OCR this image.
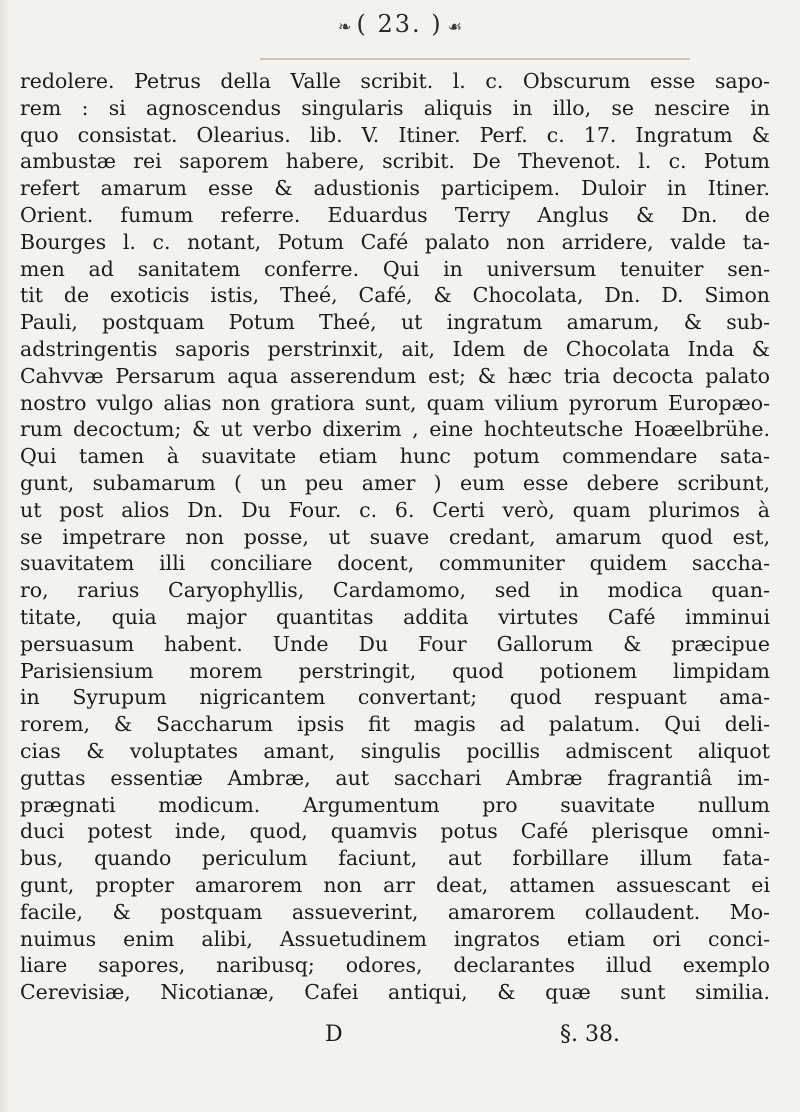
❧ ( 23. ) ☙
redolere. Petrus della Valle scribit. l. c. Obscurum esse sapo-
rem : si agnoscendus singularis aliquis in illo, se nescire in
quo consistat. Olearius. lib. V. Itiner. Perf. c. 17. Ingratum &
ambustæ rei saporem habere, scribit. De Thevenot. l. c. Potum
refert amarum esse & adustionis participem. Duloir in Itiner.
Orient. fumum referre. Eduardus Terry Anglus & Dn. de
Bourges l. c. notant, Potum Café palato non arridere, valde ta-
men ad sanitatem conferre. Qui in universum tenuiter sen-
tit de exoticis istis, Theé, Café, & Chocolata, Dn. D. Simon
Pauli, postquam Potum Theé, ut ingratum amarum, & sub-
adstringentis saporis perstrinxit, ait, Idem de Chocolata Inda &
Cahvvæ Persarum aqua asserendum est; & hæc tria decocta palato
nostro vulgo alias non gratiora sunt, quam vilium pyrorum Europæo-
rum decoctum; & ut verbo dixerim , eine hochteutsche Hoæelbrühe.
Qui tamen à suavitate etiam hunc potum commendare sata-
gunt, subamarum ( un peu amer ) eum esse debere scribunt,
ut post alios Dn. Du Four. c. 6. Certi verò, quam plurimos à
se impetrare non posse, ut suave credant, amarum quod est,
suavitatem illi conciliare docent, communiter quidem saccha-
ro, rarius Caryophyllis, Cardamomo, sed in modica quan-
titate, quia major quantitas addita virtutes Café imminui
persuasum habent. Unde Du Four Gallorum & præcipue
Parisiensium morem perstringit, quod potionem limpidam
in Syrupum nigricantem convertant; quod respuant ama-
rorem, & Saccharum ipsis fit magis ad palatum. Qui deli-
cias & voluptates amant, singulis pocillis admiscent aliquot
guttas essentiæ Ambræ, aut sacchari Ambræ fragrantiâ im-
prægnati modicum. Argumentum pro suavitate nullum
duci potest inde, quod, quamvis potus Café plerisque omni-
bus, quando periculum faciunt, aut forbillare illum fata-
gunt, propter amarorem non arr deat, attamen assuescant ei
facile, & postquam assueverint, amarorem collaudent. Mo-
nuimus enim alibi, Assuetudinem ingratos etiam ori conci-
liare sapores, naribusq; odores, declarantes illud exemplo
Cerevisiæ, Nicotianæ, Cafei antiqui, & quæ sunt similia.
D	§. 38.
